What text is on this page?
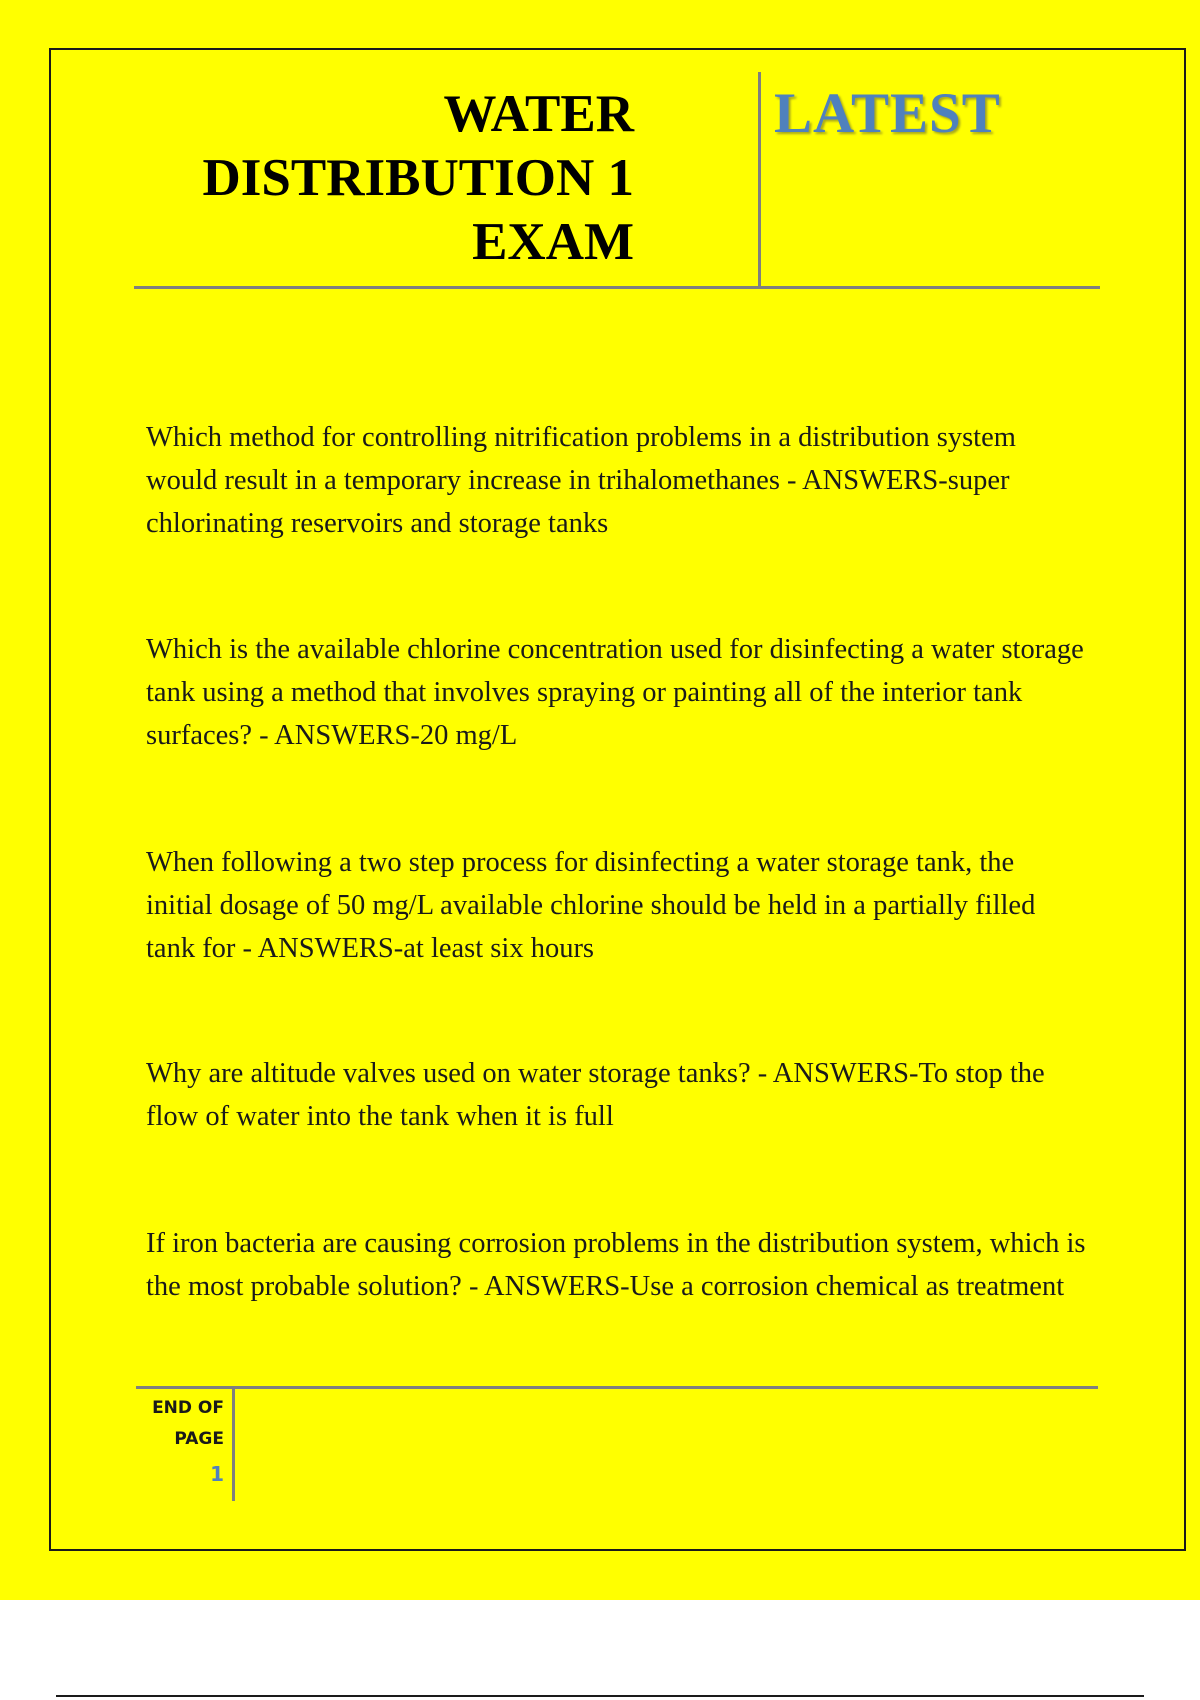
WATER
DISTRIBUTION 1
EXAM
LATEST

Which method for controlling nitrification problems in a distribution system would result in a temporary increase in trihalomethanes - ANSWERS-super chlorinating reservoirs and storage tanks

Which is the available chlorine concentration used for disinfecting a water storage tank using a method that involves spraying or painting all of the interior tank surfaces? - ANSWERS-20 mg/L

When following a two step process for disinfecting a water storage tank, the initial dosage of 50 mg/L available chlorine should be held in a partially filled tank for - ANSWERS-at least six hours

Why are altitude valves used on water storage tanks? - ANSWERS-To stop the flow of water into the tank when it is full

If iron bacteria are causing corrosion problems in the distribution system, which is the most probable solution? - ANSWERS-Use a corrosion chemical as treatment

END OF
PAGE
1
